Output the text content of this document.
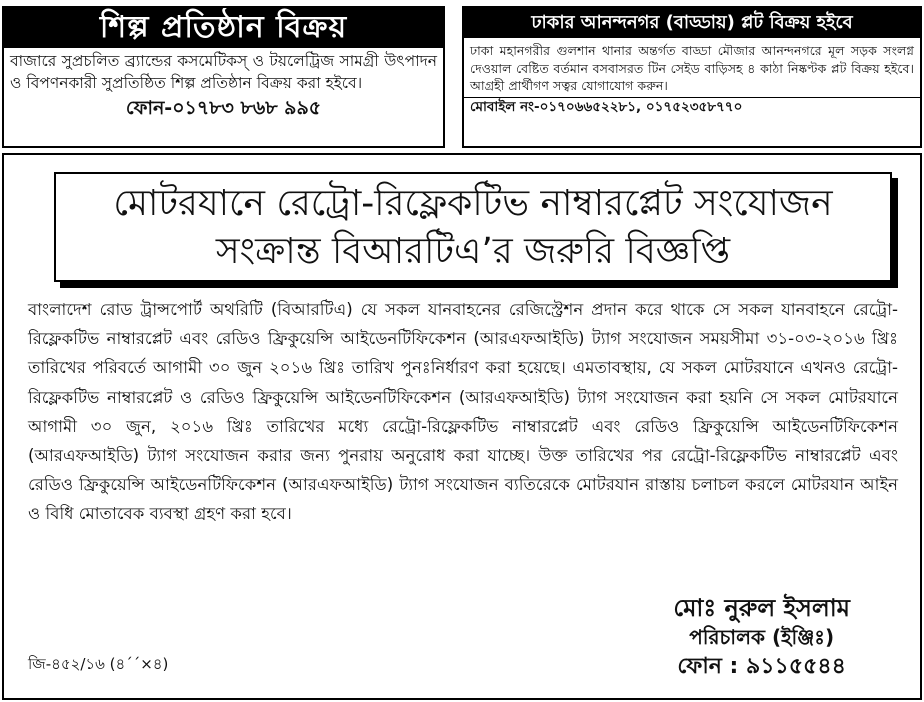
শিল্প প্রতিষ্ঠান বিক্রয়
বাজারে সুপ্রচলিত ব্র্যান্ডের কসমেটিকস্ ও টয়লেট্রিজ সামগ্রী উৎপাদন ও বিপণনকারী সুপ্রতিষ্ঠিত শিল্প প্রতিষ্ঠান বিক্রয় করা হইবে।
ফোন-০১৭৮৩ ৮৬৮ ৯৯৫
ঢাকার আনন্দনগর (বাড্ডায়) প্লট বিক্রয় হইবে
ঢাকা মহানগরীর গুলশান থানার অন্তর্গত বাড্ডা মৌজার আনন্দনগরে মূল সড়ক সংলগ্ন দেওয়াল বেষ্টিত বর্তমান বসবাসরত টিন সেইড বাড়িসহ ৪ কাঠা নিষ্কণ্টক প্লট বিক্রয় হইবে। আগ্রহী প্রার্থীগণ সত্বর যোগাযোগ করুন।
মোবাইল নং-০১৭০৬৬৫২২৮১, ০১৭৫২৩৫৮৭৭০
মোটরযানে রেট্রো-রিফ্লেকটিভ নাম্বারপ্লেট সংযোজন
সংক্রান্ত বিআরটিএ’র জরুরি বিজ্ঞপ্তি

বাংলাদেশ রোড ট্রান্সপোর্ট অথরিটি (বিআরটিএ) যে সকল যানবাহনের রেজিস্ট্রেশন প্রদান করে থাকে সে সকল যানবাহনে রেট্রো-রিফ্লেকটিভ নাম্বারপ্লেট এবং রেডিও ফ্রিকুয়েন্সি আইডেনটিফিকেশন (আরএফআইডি) ট্যাগ সংযোজন সময়সীমা ৩১-০৩-২০১৬ খ্রিঃ তারিখের পরিবর্তে আগামী ৩০ জুন ২০১৬ খ্রিঃ তারিখ পুনঃনির্ধারণ করা হয়েছে। এমতাবস্থায়, যে সকল মোটরযানে এখনও রেট্রো-রিফ্লেকটিভ নাম্বারপ্লেট ও রেডিও ফ্রিকুয়েন্সি আইডেনটিফিকেশন (আরএফআইডি) ট্যাগ সংযোজন করা হয়নি সে সকল মোটরযানে আগামী ৩০ জুন, ২০১৬ খ্রিঃ তারিখের মধ্যে রেট্রো-রিফ্লেকটিভ নাম্বারপ্লেট এবং রেডিও ফ্রিকুয়েন্সি আইডেনটিফিকেশন (আরএফআইডি) ট্যাগ সংযোজন করার জন্য পুনরায় অনুরোধ করা যাচ্ছে। উক্ত তারিখের পর রেট্রো-রিফ্লেকটিভ নাম্বারপ্লেট এবং রেডিও ফ্রিকুয়েন্সি আইডেনটিফিকেশন (আরএফআইডি) ট্যাগ সংযোজন ব্যতিরেকে মোটরযান রাস্তায় চলাচল করলে মোটরযান আইন ও বিধি মোতাবেক ব্যবস্থা গ্রহণ করা হবে।

মোঃ নুরুল ইসলাম
পরিচালক (ইঞ্জিঃ)
ফোন : ৯১১৫৫৪৪
জি-৪৫২/১৬ (৪´´×৪)
